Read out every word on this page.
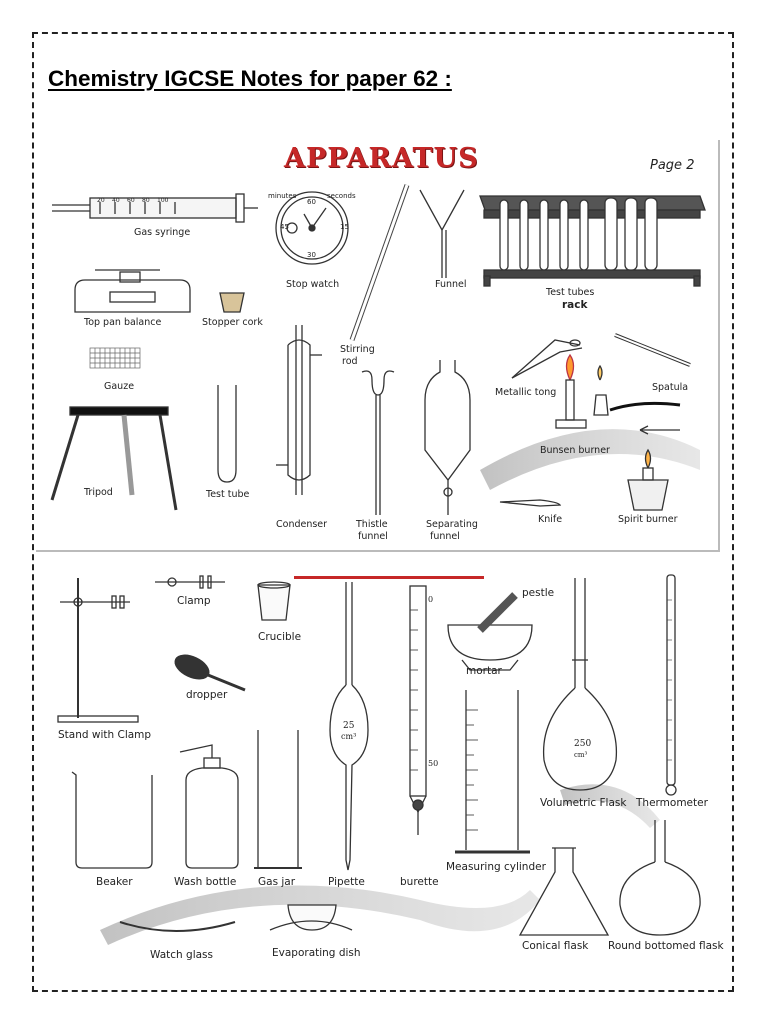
Chemistry IGCSE Notes for paper 62 :
APPARATUS	Page 2
minutes	seconds
60
15
30
45
20 40 60 80 100
Gas syringe
Stop watch	Funnel
Test tubes
rack
Top pan balance	Stopper cork
Stirring
rod
Gauze
Metallic tong	Spatula
Bunsen burner
Tripod	Test tube
Condenser	Thistle
funnel
Separating
funnel
Knife	Spirit burner
Clamp
Crucible
pestle
mortar
dropper
Stand with Clamp
Volumetric Flask Thermometer
Beaker	Wash bottle Gas jar	Pipette	burette
Measuring cylinder
Watch glass	Evaporating dish
Conical flask Round bottomed flask
25
cm³
0
50
250
cm³
